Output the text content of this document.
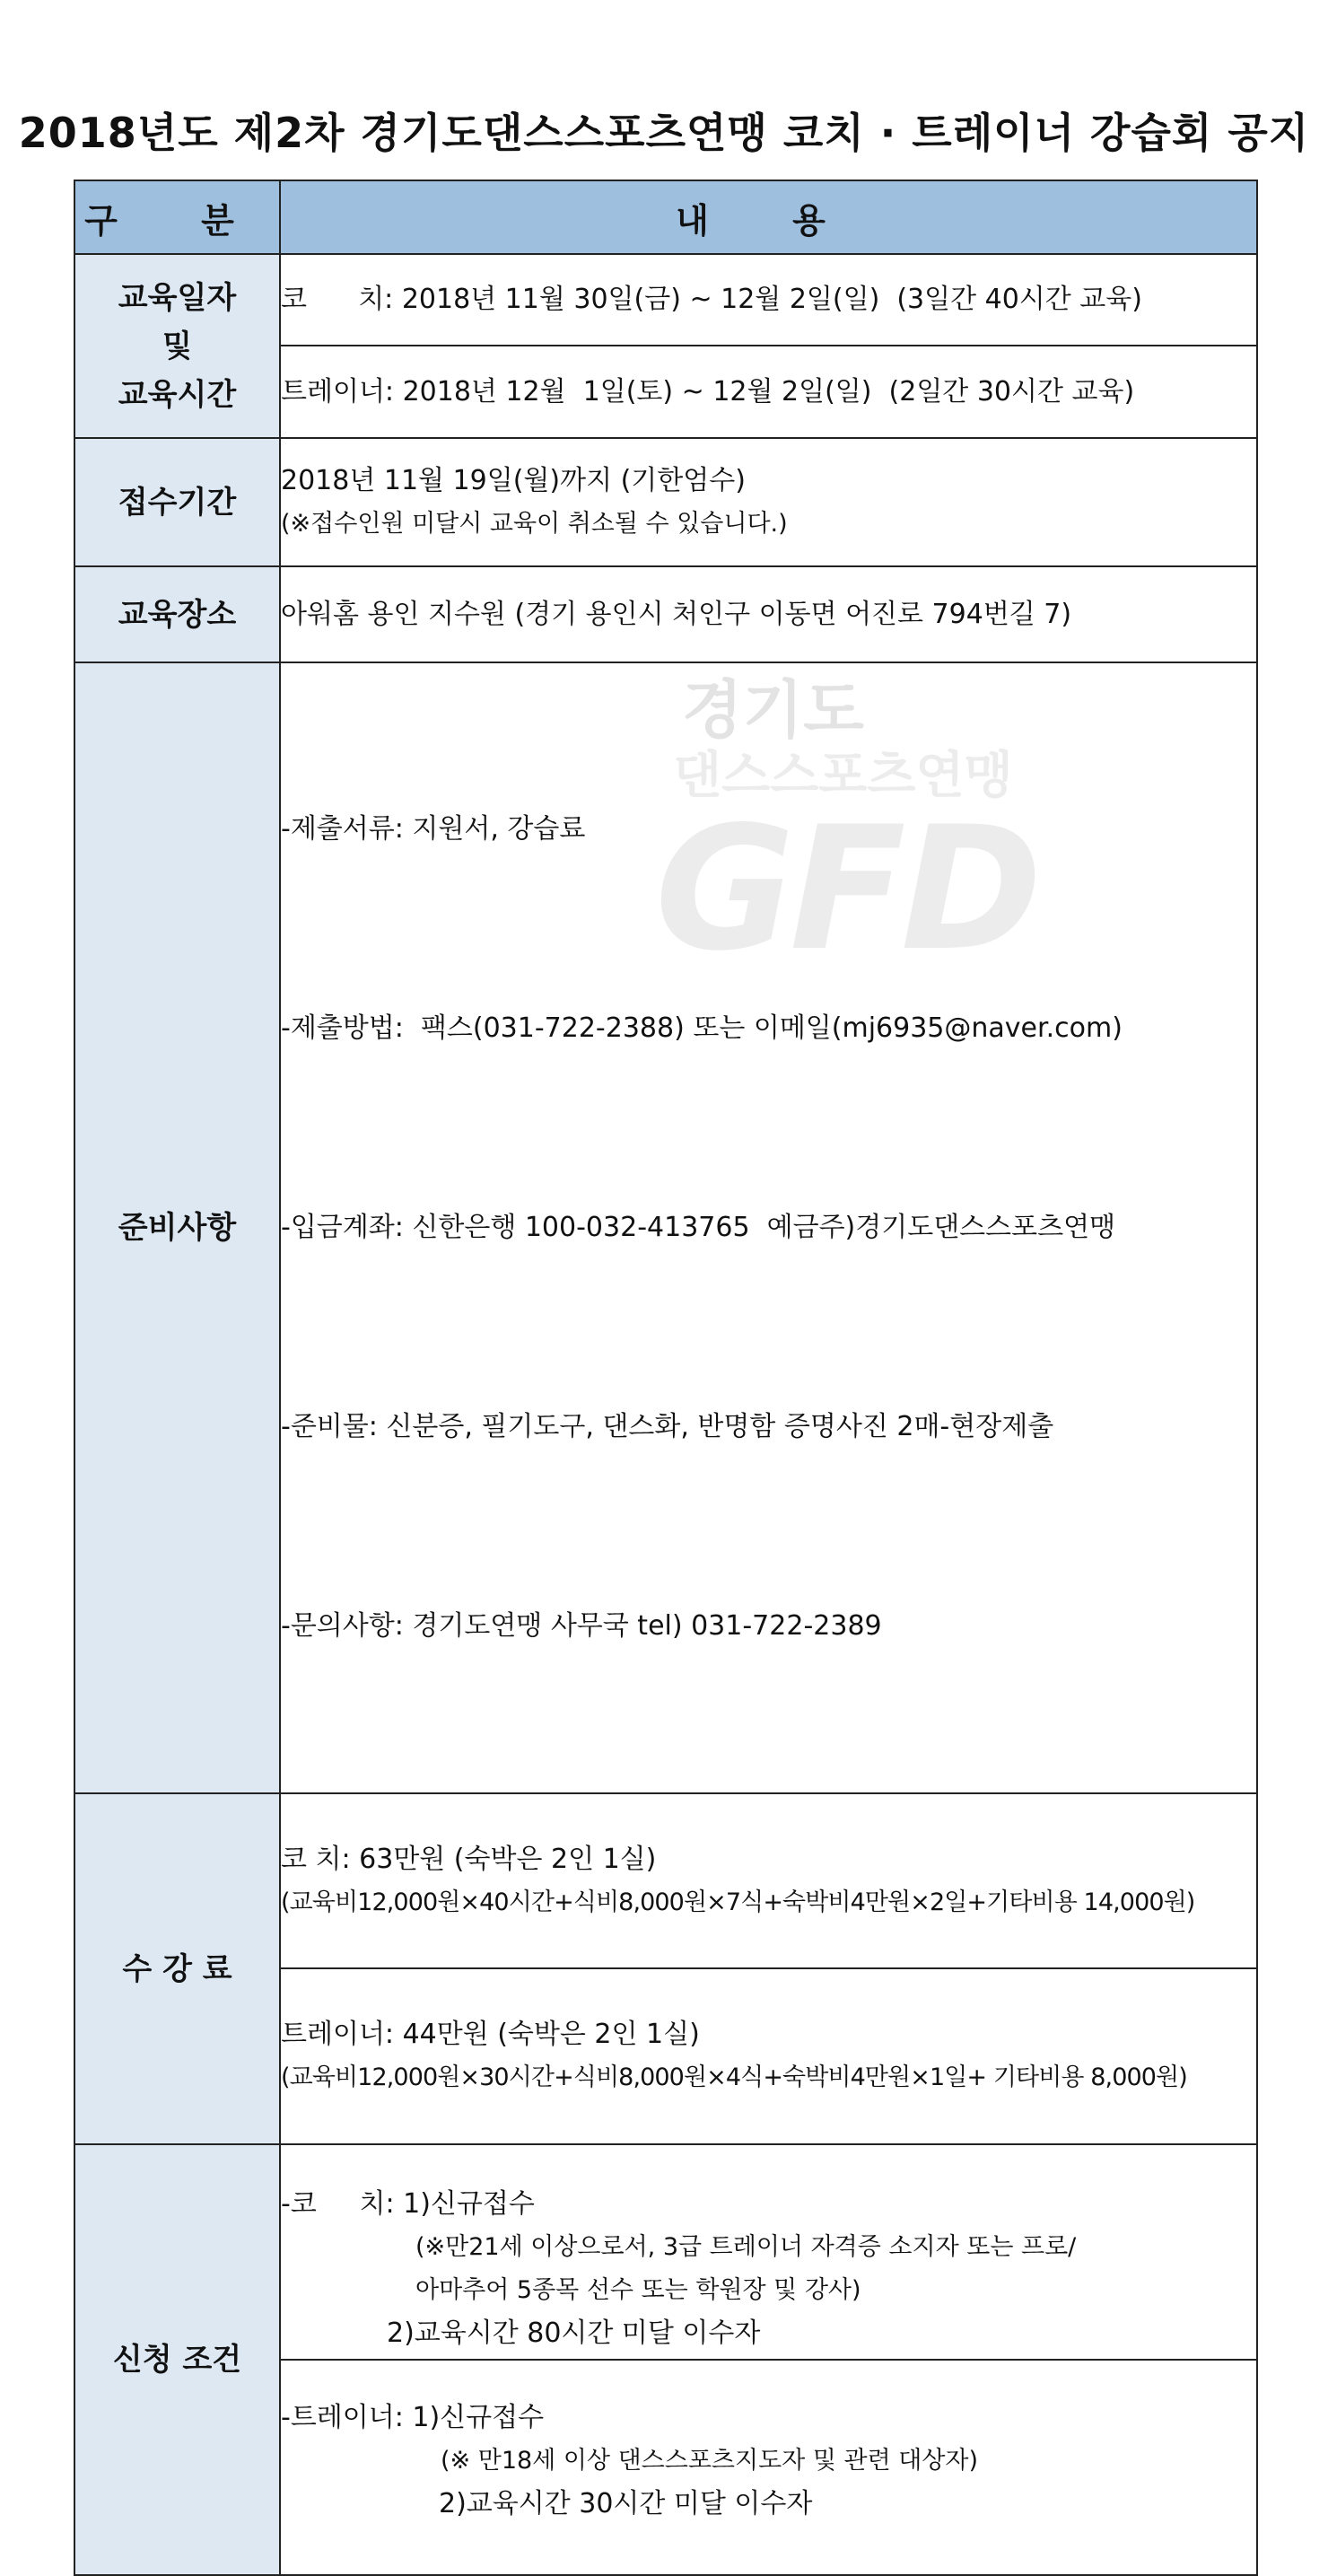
2018년도 제2차 경기도댄스스포츠연맹 코치 · 트레이너 강습회 공지
경기도
댄스스포츠연맹
GFD
구 분	내 용

교육일자
및
교육시간	코      치: 2018년 11월 30일(금) ~ 12월 2일(일)  (3일간 40시간 교육)
	트레이너: 2018년 12월  1일(토) ~ 12월 2일(일)  (2일간 30시간 교육)
접수기간	2018년 11월 19일(월)까지 (기한엄수)
(※접수인원 미달시 교육이 취소될 수 있습니다.)

교육장소	아워홈 용인 지수원 (경기 용인시 처인구 이동면 어진로 794번길 7)
준비사항	-제출서류: 지원서, 강습료

-제출방법:  팩스(031-722-2388) 또는 이메일(mj6935@naver.com)

-입금계좌: 신한은행 100-032-413765  예금주)경기도댄스스포츠연맹

-준비물: 신분증, 필기도구, 댄스화, 반명함 증명사진 2매-현장제출

-문의사항: 경기도연맹 사무국 tel) 031-722-2389

수 강 료	코 치: 63만원 (숙박은 2인 1실)
(교육비12,000원×40시간+식비8,000원×7식+숙박비4만원×2일+기타비용 14,000원)

	트레이너: 44만원 (숙박은 2인 1실)
(교육비12,000원×30시간+식비8,000원×4식+숙박비4만원×1일+ 기타비용 8,000원)

신청 조건	-코     치: 1)신규접수
(※만21세 이상으로서, 3급 트레이너 자격증 소지자 또는 프로/
아마추어 5종목 선수 또는 학원장 및 강사)
2)교육시간 80시간 미달 이수자

	-트레이너: 1)신규접수
(※ 만18세 이상 댄스스포츠지도자 및 관련 대상자)
2)교육시간 30시간 미달 이수자
